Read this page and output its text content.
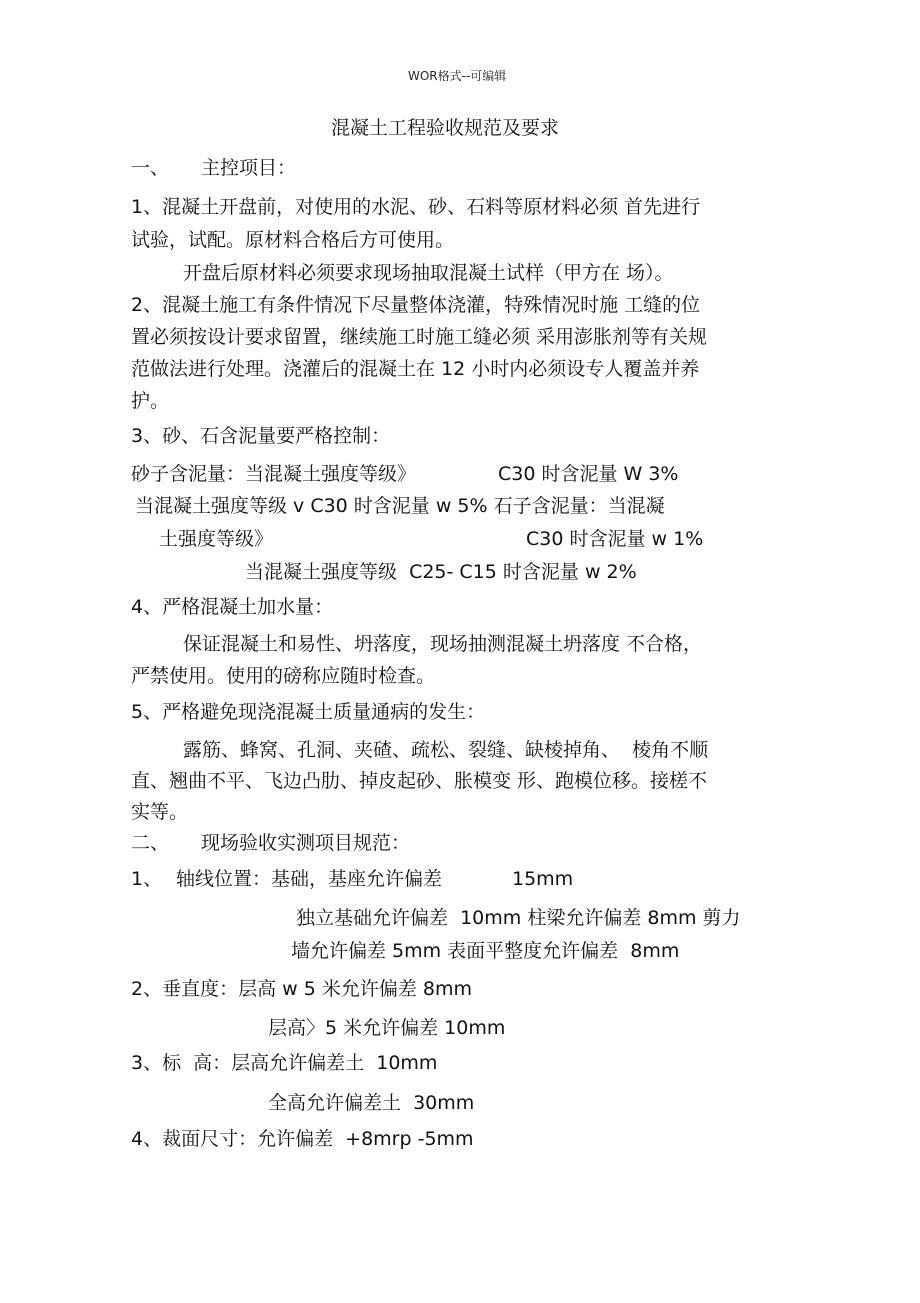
WOR格式--可编辑
混凝土工程验收规范及要求
一、 主控项目：
1、混凝土开盘前，对使用的水泥、砂、石料等原材料必须 首先进行
试验，试配。原材料合格后方可使用。
开盘后原材料必须要求现场抽取混凝土试样（甲方在 场）。
2、混凝土施工有条件情况下尽量整体浇灌，特殊情况时施 工缝的位
置必须按设计要求留置，继续施工时施工缝必须 采用澎胀剂等有关规
范做法进行处理。浇灌后的混凝土在 12 小时内必须设专人覆盖并养
护。
3、砂、石含泥量要严格控制：
砂子含泥量：当混凝土强度等级》	C30 时含泥量 W 3%
当混凝土强度等级 v C30 时含泥量 w 5% 石子含泥量：当混凝
土强度等级》	C30 时含泥量 w 1%
当混凝土强度等级  C25- C15 时含泥量 w 2%
4、严格混凝土加水量：
保证混凝土和易性、坍落度，现场抽测混凝土坍落度 不合格，
严禁使用。使用的磅称应随时检查。
5、严格避免现浇混凝土质量通病的发生：
露筋、蜂窝、孔洞、夹碴、疏松、裂缝、缺棱掉角、  棱角不顺
直、翘曲不平、飞边凸肋、掉皮起砂、胀模变 形、跑模位移。接槎不
实等。
二、 现场验收实测项目规范：
1、 轴线位置：基础，基座允许偏差	15mm
独立基础允许偏差  10mm 柱梁允许偏差 8mm 剪力
墙允许偏差 5mm 表面平整度允许偏差  8mm
2、垂直度：层高 w 5 米允许偏差 8mm
层高〉5 米允许偏差 10mm
3、标  高：层高允许偏差土  10mm
全高允许偏差土  30mm
4、裁面尺寸：允许偏差  +8mrp -5mm
